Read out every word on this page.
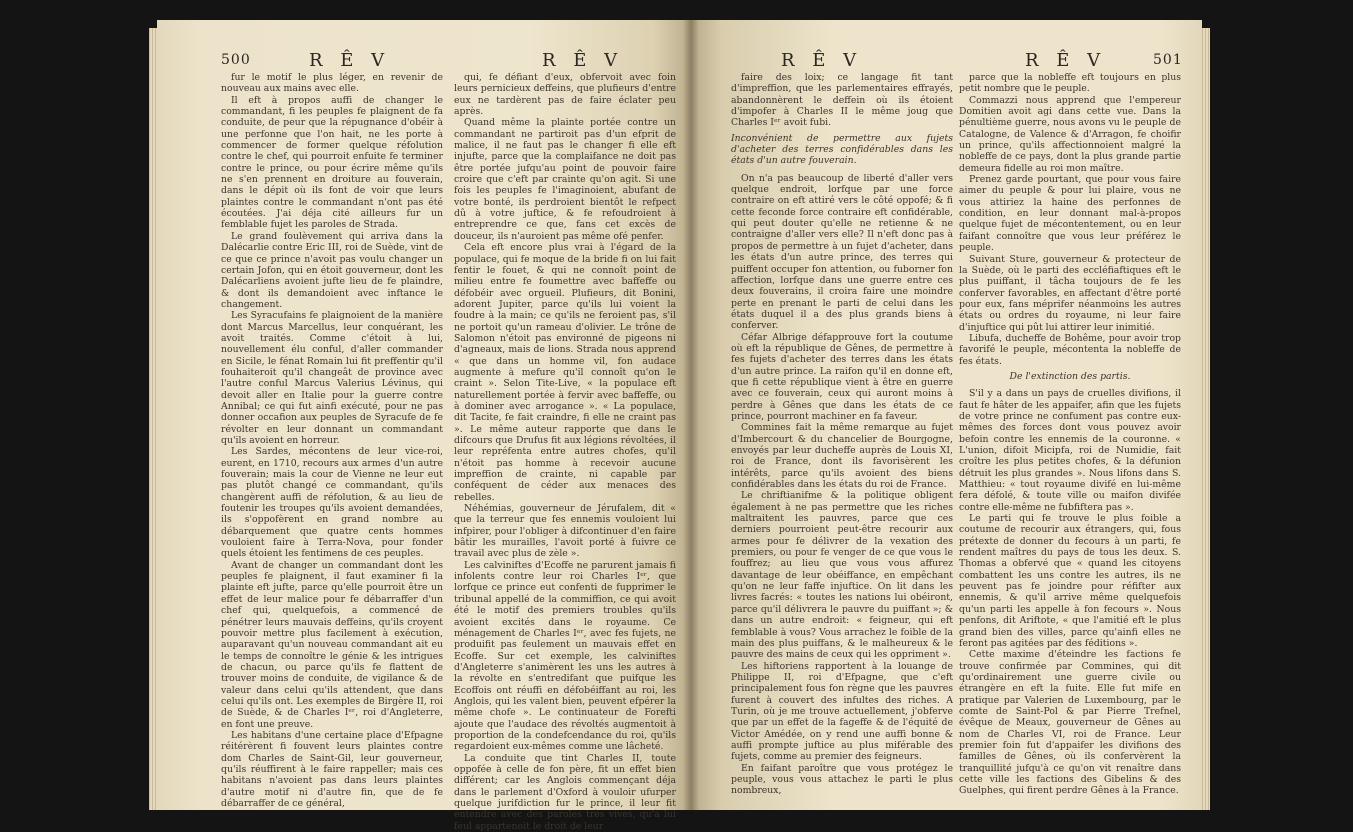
500	R Ê V	R Ê V

fur le motif le plus léger, en revenir de nouveau aux mains avec elle.

Il eft à propos auffi de changer le commandant, fi les peuples fe plaignent de fa conduite, de peur que la répugnance d'obéir à une perfonne que l'on hait, ne les porte à commencer de former quelque réfolution contre le chef, qui pourroit enfuite fe terminer contre le prince, ou pour écrire même qu'ils ne s'en prennent en droiture au fouverain, dans le dépit où ils font de voir que leurs plaintes contre le commandant n'ont pas été écoutées. J'ai déja cité ailleurs fur un femblable fujet les paroles de Strada.

Le grand foulèvement qui arriva dans la Dalécarlie contre Eric III, roi de Suède, vint de ce que ce prince n'avoit pas voulu changer un certain Jofon, qui en étoit gouverneur, dont les Dalécarliens avoient jufte lieu de fe plaindre, & dont ils demandoient avec inftance le changement.

Les Syracufains fe plaignoient de la manière dont Marcus Marcellus, leur conquérant, les avoit traités. Comme c'étoit à lui, nouvellement élu conful, d'aller commander en Sicile, le fénat Romain lui fit preffentir qu'il fouhaiteroit qu'il changeât de province avec l'autre conful Marcus Valerius Lévinus, qui devoit aller en Italie pour la guerre contre Annibal; ce qui fut ainfi exécuté, pour ne pas donner occafion aux peuples de Syracufe de fe révolter en leur donnant un commandant qu'ils avoient en horreur.

Les Sardes, mécontens de leur vice-roi, eurent, en 1710, recours aux armes d'un autre fouverain; mais la cour de Vienne ne leur eut pas plutôt changé ce commandant, qu'ils changèrent auffi de réfolution, & au lieu de foutenir les troupes qu'ils avoient demandées, ils s'oppofèrent en grand nombre au débarquement que quatre cents hommes vouloient faire à Terra-Nova, pour fonder quels étoient les fentimens de ces peuples.

Avant de changer un commandant dont les peuples fe plaignent, il faut examiner fi la plainte eft jufte, parce qu'elle pourroit être un effet de leur malice pour fe débarraffer d'un chef qui, quelquefois, a commencé de pénétrer leurs mauvais deffeins, qu'ils croyent pouvoir mettre plus facilement à exécution, auparavant qu'un nouveau commandant ait eu le temps de connoître le génie & les intrigues de chacun, ou parce qu'ils fe flattent de trouver moins de conduite, de vigilance & de valeur dans celui qu'ils attendent, que dans celui qu'ils ont. Les exemples de Birgère II, roi de Suède, & de Charles Iᵉʳ, roi d'Angleterre, en font une preuve.

Les habitans d'une certaine place d'Efpagne réitérèrent fi fouvent leurs plaintes contre dom Charles de Saint-Gil, leur gouverneur, qu'ils réuffirent à le faire rappeller; mais ces habitans n'avoient pas dans leurs plaintes d'autre motif ni d'autre fin, que de fe débarraffer de ce général,

qui, fe défiant d'eux, obfervoit avec foin leurs pernicieux deffeins, que plufieurs d'entre eux ne tardèrent pas de faire éclater peu après.

Quand même la plainte portée contre un commandant ne partiroit pas d'un efprit de malice, il ne faut pas le changer fi elle eft injufte, parce que la complaifance ne doit pas être portée jufqu'au point de pouvoir faire croire que c'eft par crainte qu'on agit. Si une fois les peuples fe l'imaginoient, abufant de votre bonté, ils perdroient bientôt le refpect dû à votre juftice, & fe refoudroient à entreprendre ce que, fans cet excès de douceur, ils n'auroient pas même ofé penfer.

Cela eft encore plus vrai à l'égard de la populace, qui fe moque de la bride fi on lui fait fentir le fouet, & qui ne connoît point de milieu entre fe foumettre avec baffeffe ou défobéir avec orgueil. Plufieurs, dit Bonini, adorent Jupiter, parce qu'ils lui voient la foudre à la main; ce qu'ils ne feroient pas, s'il ne portoit qu'un rameau d'olivier. Le trône de Salomon n'étoit pas environné de pigeons ni d'agneaux, mais de lions. Strada nous apprend « que dans un homme vil, fon audace augmente à mefure qu'il connoît qu'on le craint ». Selon Tite-Live, « la populace eft naturellement portée à fervir avec baffeffe, ou à dominer avec arrogance ». « La populace, dit Tacite, fe fait craindre, fi elle ne craint pas ». Le même auteur rapporte que dans le difcours que Drufus fit aux légions révoltées, il leur repréfenta entre autres chofes, qu'il n'étoit pas homme à recevoir aucune impreffion de crainte, ni capable par conféquent de céder aux menaces des rebelles.

Néhémias, gouverneur de Jérufalem, dit « que la terreur que fes ennemis vouloient lui infpirer, pour l'obliger à difcontinuer d'en faire bâtir les murailles, l'avoit porté à fuivre ce travail avec plus de zèle ».

Les calviniftes d'Ecoffe ne parurent jamais fi infolents contre leur roi Charles Iᵉʳ, que lorfque ce prince eut confenti de fupprimer le tribunal appellé de la commiffion, ce qui avoit été le motif des premiers troubles qu'ils avoient excités dans le royaume. Ce ménagement de Charles Iᵉʳ, avec fes fujets, ne produifit pas feulement un mauvais effet en Ecoffe. Sur cet exemple, les calviniftes d'Angleterre s'animèrent les uns les autres à la révolte en s'entredifant que puifque les Ecoffois ont réuffi en défobéiffant au roi, les Anglois, qui les valent bien, peuvent efpérer la même chofe ». Le continuateur de Forefti ajoute que l'audace des révoltés augmentoit à proportion de la condefcendance du roi, qu'ils regardoient eux-mêmes comme une lâcheté.

La conduite que tint Charles II, toute oppofée à celle de fon père, fit un effet bien différent; car les Anglois commençant déja dans le parlement d'Oxford à vouloir ufurper quelque jurifdiction fur le prince, il leur fit entendre avec des paroles très vives, qu'à lui feul appartenoit le droit de leur

R Ê V	R Ê V	501

faire des loix; ce langage fit tant d'impreffion, que les parlementaires effrayés, abandonnèrent le deffein où ils étoient d'impofer à Charles II le même joug que Charles Iᵉʳ avoit fubi.

Inconvénient de permettre aux fujets d'acheter des terres confidérables dans les états d'un autre fouverain.

On n'a pas beaucoup de liberté d'aller vers quelque endroit, lorfque par une force contraire on eft attiré vers le côté oppofé; & fi cette feconde force contraire eft confidérable, qui peut douter qu'elle ne retienne & ne contraigne d'aller vers elle? Il n'eft donc pas à propos de permettre à un fujet d'acheter, dans les états d'un autre prince, des terres qui puiffent occuper fon attention, ou fuborner fon affection, lorfque dans une guerre entre ces deux fouverains, il croira faire une moindre perte en prenant le parti de celui dans les états duquel il a des plus grands biens à conferver.

Céfar Albrige défapprouve fort la coutume où eft la république de Gênes, de permettre à fes fujets d'acheter des terres dans les états d'un autre prince. La raifon qu'il en donne eft, que fi cette république vient à être en guerre avec ce fouverain, ceux qui auront moins à perdre à Gênes que dans les états de ce prince, pourront machiner en fa faveur.

Commines fait la même remarque au fujet d'Imbercourt & du chancelier de Bourgogne, envoyés par leur ducheffe auprès de Louis XI, roi de France, dont ils favorisèrent les intérêts, parce qu'ils avoient des biens confidérables dans les états du roi de France.

Le chriftianifme & la politique obligent également à ne pas permettre que les riches maltraitent les pauvres, parce que ces derniers pourroient peut-être recourir aux armes pour fe délivrer de la vexation des premiers, ou pour fe venger de ce que vous le fouffrez; au lieu que vous vous affurez davantage de leur obéiffance, en empêchant qu'on ne leur faffe injuftice. On lit dans les livres facrés: « toutes les nations lui obéiront, parce qu'il délivrera le pauvre du puiffant »; & dans un autre endroit: « feigneur, qui eft femblable à vous? Vous arrachez le foible de la main des plus puiffans, & le malheureux & le pauvre des mains de ceux qui les oppriment ».

Les hiftoriens rapportent à la louange de Philippe II, roi d'Efpagne, que c'eft principalement fous fon règne que les pauvres furent à couvert des infultes des riches. A Turin, où je me trouve actuellement, j'obferve que par un effet de la fageffe & de l'équité de Victor Amédée, on y rend une auffi bonne & auffi prompte juftice au plus miférable des fujets, comme au premier des feigneurs.

En faifant paroître que vous protégez le peuple, vous vous attachez le parti le plus nombreux,

parce que la nobleffe eft toujours en plus petit nombre que le peuple.

Commazzi nous apprend que l'empereur Domitien avoit agi dans cette vue. Dans la pénultième guerre, nous avons vu le peuple de Catalogne, de Valence & d'Arragon, fe choifir un prince, qu'ils affectionnoient malgré la nobleffe de ce pays, dont la plus grande partie demeura fidelle au roi mon maître.

Prenez garde pourtant, que pour vous faire aimer du peuple & pour lui plaire, vous ne vous attiriez la haine des perfonnes de condition, en leur donnant mal-à-propos quelque fujet de mécontentement, ou en leur faifant connoître que vous leur préférez le peuple.

Suivant Sture, gouverneur & protecteur de la Suède, où le parti des eccléfiaftiques eft le plus puiffant, il tâcha toujours de fe les conferver favorables, en affectant d'être porté pour eux, fans méprifer néanmoins les autres états ou ordres du royaume, ni leur faire d'injuftice qui pût lui attirer leur inimitié.

Libufa, ducheffe de Bohême, pour avoir trop favorifé le peuple, mécontenta la nobleffe de fes états.

De l'extinction des partis.

S'il y a dans un pays de cruelles divifions, il faut fe hâter de les appaifer, afin que les fujets de votre prince ne confument pas contre eux-mêmes des forces dont vous pouvez avoir befoin contre les ennemis de la couronne. « L'union, difoit Micipfa, roi de Numidie, fait croître les plus petites chofes, & la défunion détruit les plus grandes ». Nous lifons dans S. Matthieu: « tout royaume divifé en lui-même fera défolé, & toute ville ou maifon divifée contre elle-même ne fubfiftera pas ».

Le parti qui fe trouve le plus foible a coutume de recourir aux étrangers, qui, fous prétexte de donner du fecours à un parti, fe rendent maîtres du pays de tous les deux. S. Thomas a obfervé que « quand les citoyens combattent les uns contre les autres, ils ne peuvent pas fe joindre pour réfifter aux ennemis, & qu'il arrive même quelquefois qu'un parti les appelle à fon fecours ». Nous penfons, dit Ariftote, « que l'amitié eft le plus grand bien des villes, parce qu'ainfi elles ne feront pas agitées par des féditions ».

Cette maxime d'éteindre les factions fe trouve confirmée par Commines, qui dit qu'ordinairement une guerre civile ou étrangère en eft la fuite. Elle fut mife en pratique par Valerien de Luxembourg, par le comte de Saint-Pol & par Pierre Trefnel, évêque de Meaux, gouverneur de Gênes au nom de Charles VI, roi de France. Leur premier foin fut d'appaifer les divifions des familles de Gênes, où ils confervèrent la tranquillité jufqu'à ce qu'on vit renaître dans cette ville les factions des Gibelins & des Guelphes, qui firent perdre Gênes à la France.
